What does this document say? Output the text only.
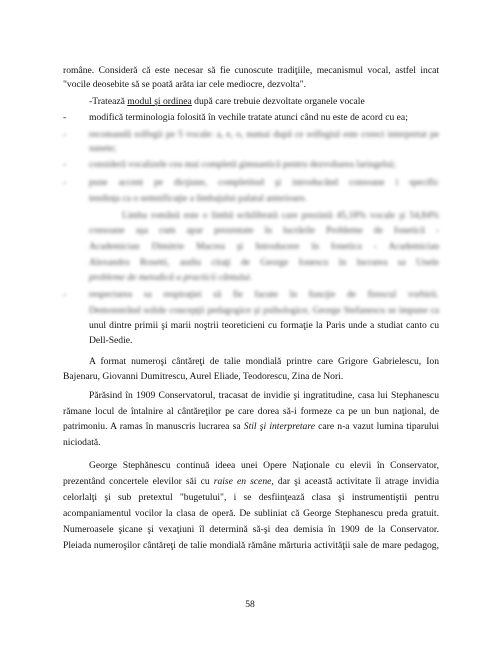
române. Consideră că este necesar să fie cunoscute tradiţiile, mecanismul vocal, astfel incat
"vocile deosebite să se poată arăta iar cele mediocre, dezvolta".
-Tratează modul şi ordinea după care trebuie dezvoltate organele vocale
- modifică terminologia folosită în vechile tratate atunci când nu este de acord cu ea;
- recomandă solfegii pe 5 vocale: a, e, o, numai după ce solfegiul este corect interpretat pe
sunete;
- consideră vocalizele cea mai completă gimnastică pentru dezvoltarea laringelui;
- pune accent pe dicţiune, completitud şi introducând consoane i specific
tendinţa ca o semnificaţie a limbajului palatal anterioare.
Limba română este o limbă echilibrată care prezintă 45,18% vocale şi 54,84%
consoane aşa cum apar prezentate în lucrările Probleme de fonetică -
Academician Dimitrie Macrea şi Introducere în fonetica - Academician
Alexandru Rosetti, audiu citaţi de George Ionescu în lucrarea sa Unele
probleme de metodică a practicii cântului.
- respectarea sa respiraţiei să fie facute în funcţie de firescul vorbirii.
Demonstrând solide concepţii pedagogice şi psihologice, George Stefanescu se impune ca
unul dintre primii şi marii noştrii teoreticieni cu formaţie la Paris unde a studiat canto cu
Dell-Sedie.
A format numeroşi cântăreţi de talie mondială printre care Grigore Gabrielescu, Ion
Bajenaru, Giovanni Dumitrescu, Aurel Eliade, Teodorescu, Zina de Nori.
Părăsind în 1909 Conservatorul, tracasat de invidie şi ingratitudine, casa lui Stephanescu
rămane locul de întalnire al cântăreţilor pe care dorea să-i formeze ca pe un bun naţional, de
patrimoniu. A ramas în manuscris lucrarea sa Stil şi interpretare care n-a vazut lumina tiparului
niciodată.
George Stephănescu continuă ideea unei Opere Naţionale cu elevii în Conservator,
prezentând concertele elevilor săi cu raise en scene, dar şi această activitate îi atrage invidia
celorlalţi şi sub pretextul "bugetului", i se desfiinţează clasa şi instrumentiştii pentru
acompaniamentul vocilor la clasa de operă. De subliniat că George Stephanescu preda gratuit.
Numeroasele şicane şi vexaţiuni îl determină să-şi dea demisia în 1909 de la Conservator.
Pleiada numeroşilor cântăreţi de talie mondială rămâne mărturia activităţii sale de mare pedagog,
58
